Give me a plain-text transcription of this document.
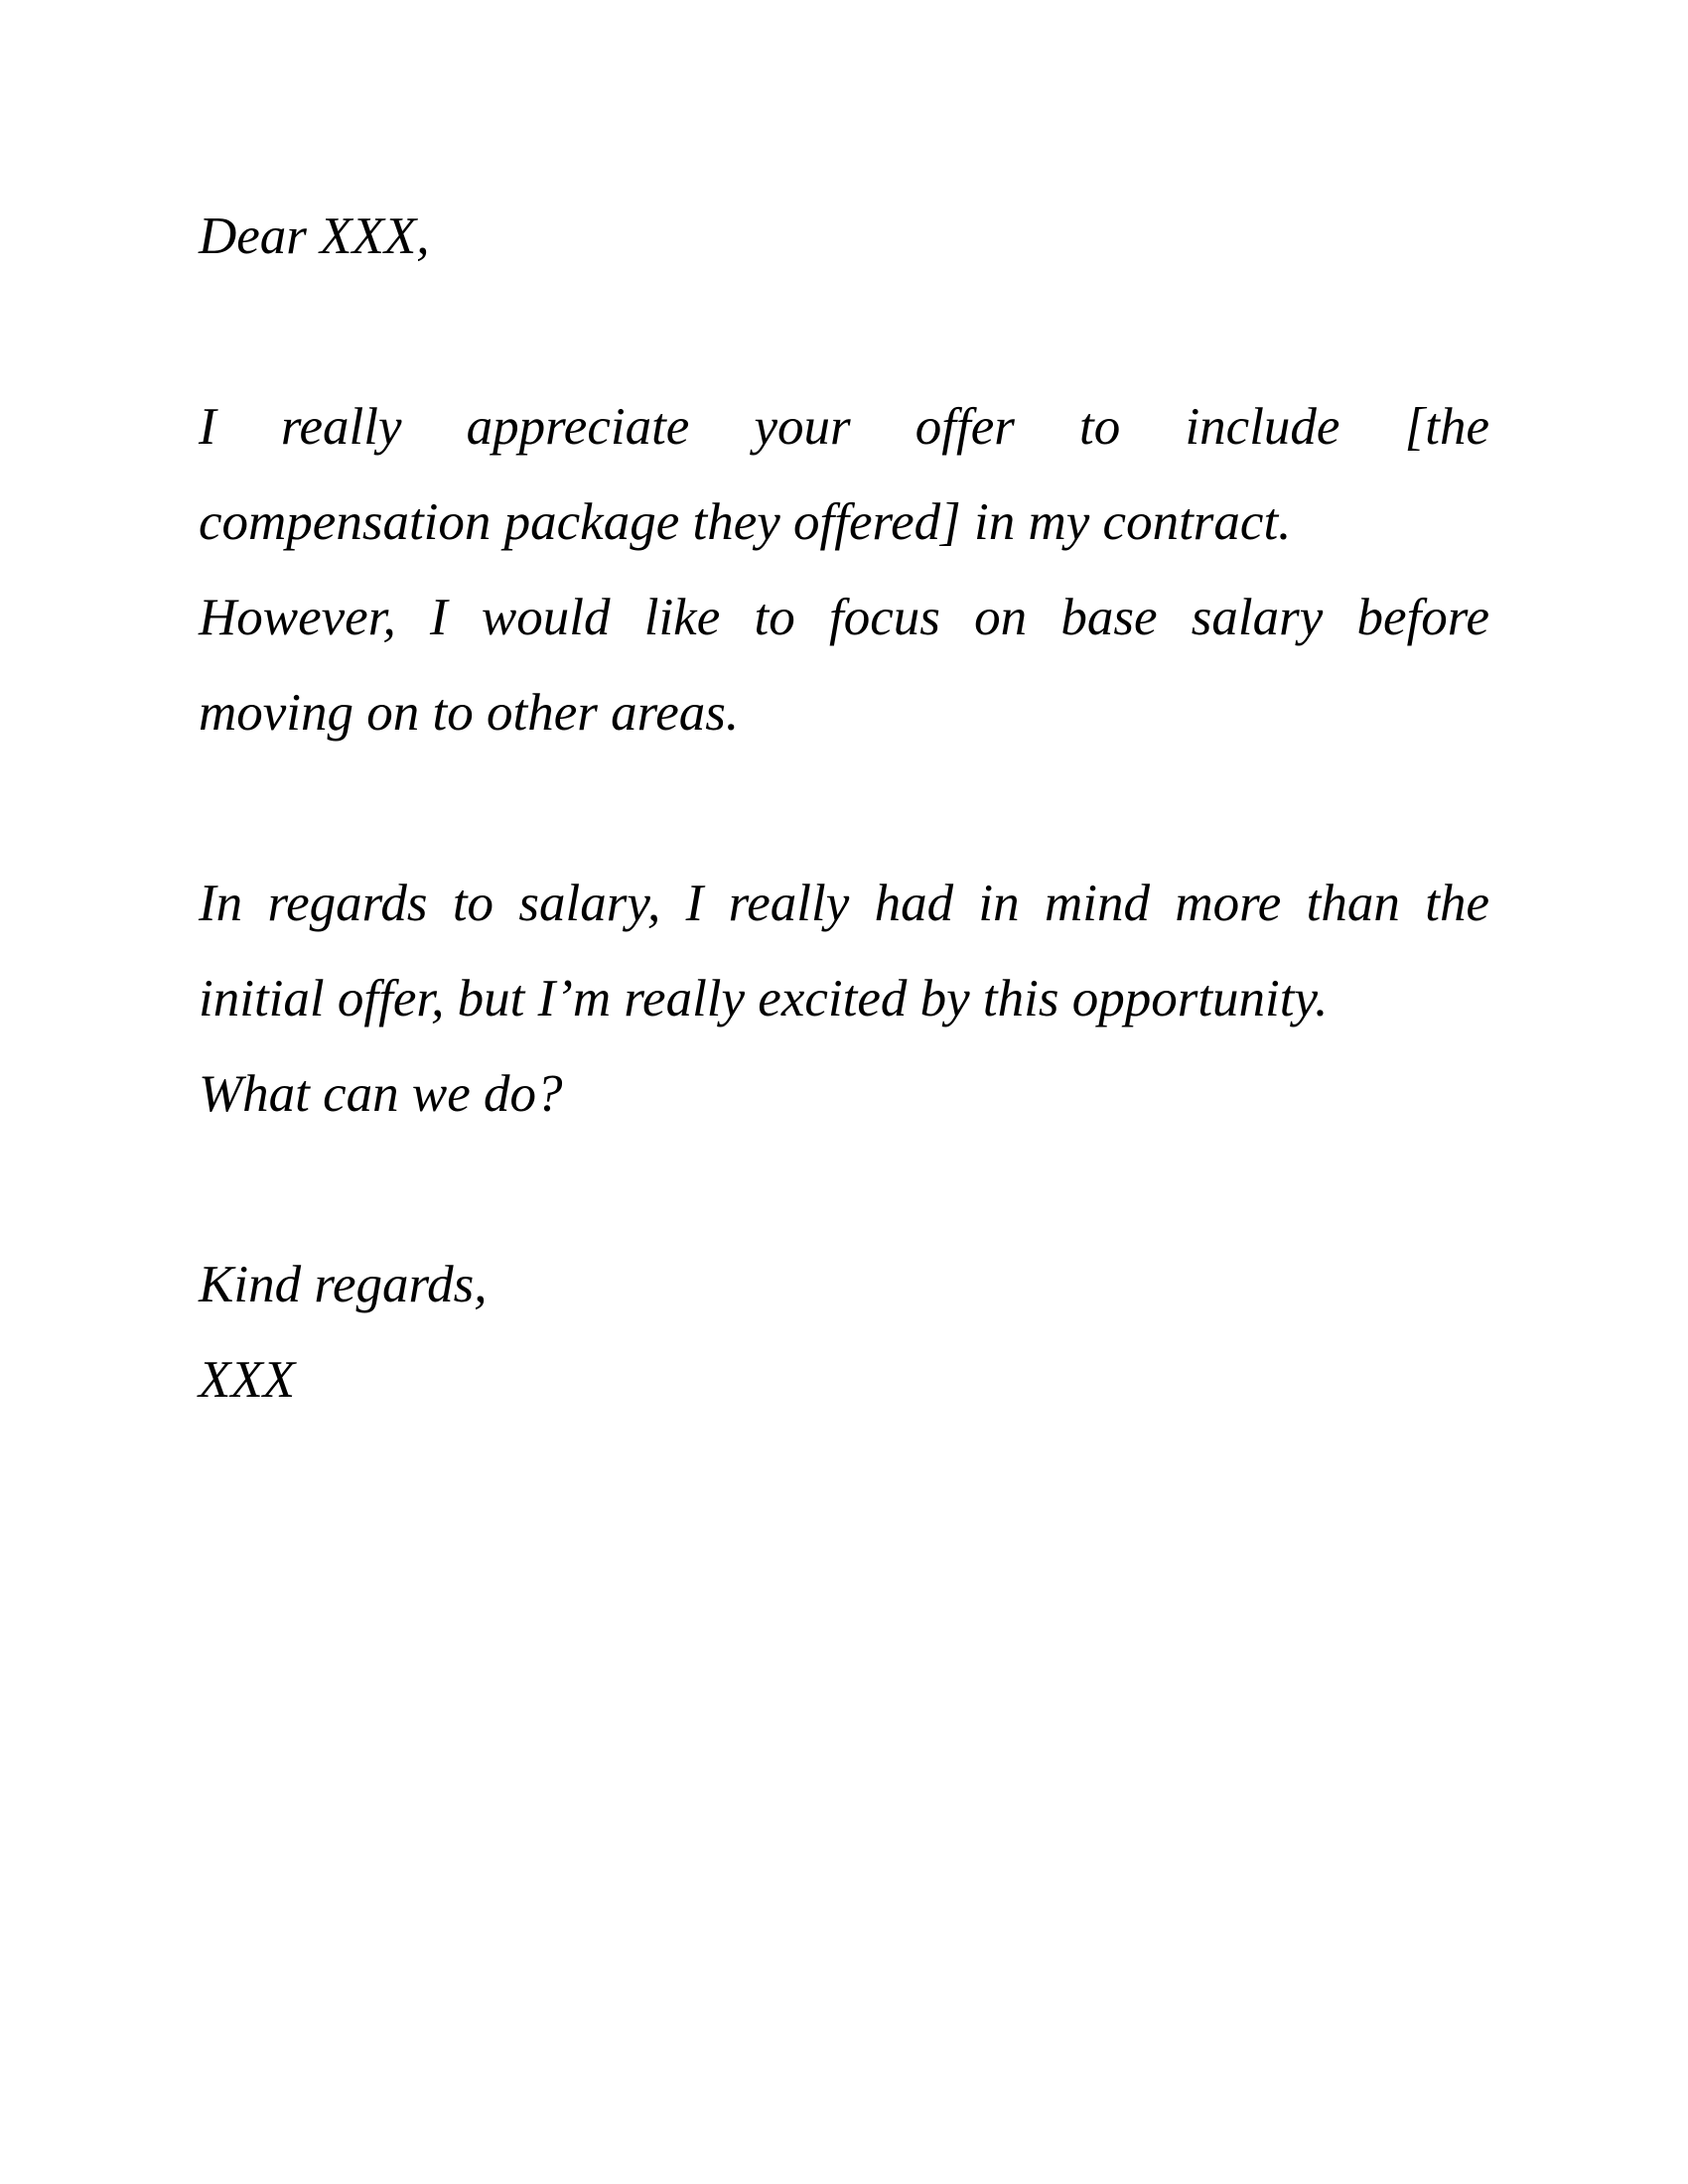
Dear XXX,

I really appreciate your offer to include [the

compensation package they offered] in my contract.

However, I would like to focus on base salary before

moving on to other areas.

In regards to salary, I really had in mind more than the

initial offer, but I’m really excited by this opportunity.

What can we do?

Kind regards,

XXX
